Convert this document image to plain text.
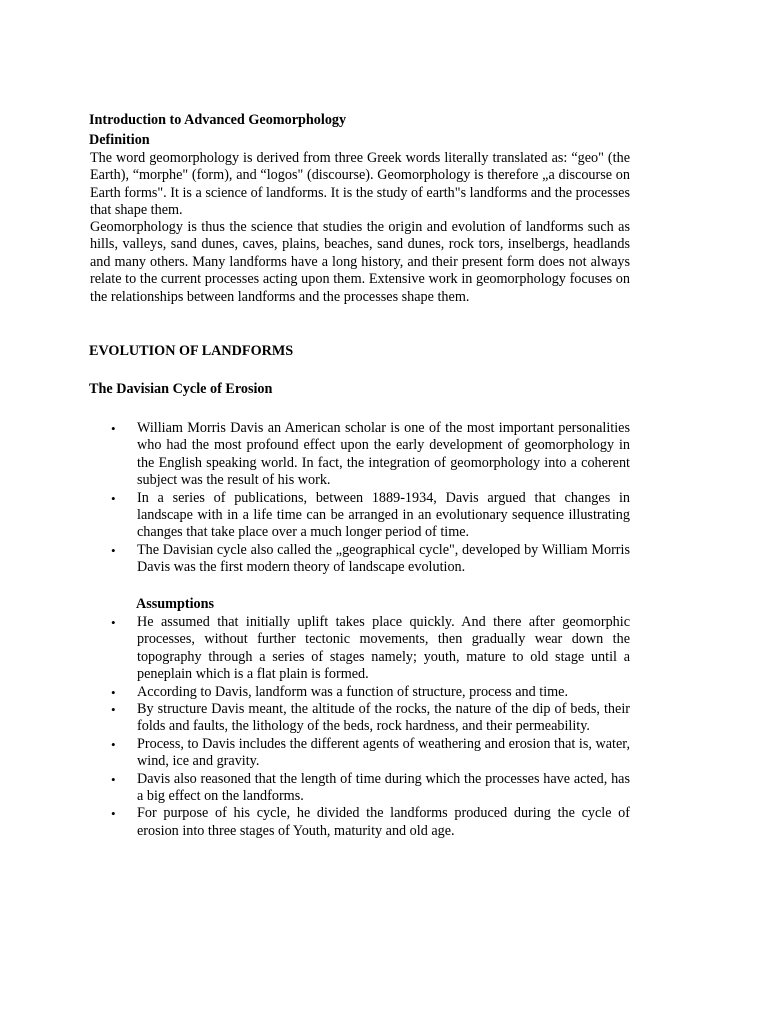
Introduction to Advanced Geomorphology
Definition

The word geomorphology is derived from three Greek words literally translated as: “geo" (the Earth), “morphe" (form), and “logos" (discourse). Geomorphology is therefore „a discourse on Earth forms". It is a science of landforms. It is the study of earth"s landforms and the processes that shape them.

Geomorphology is thus the science that studies the origin and evolution of landforms such as hills, valleys, sand dunes, caves, plains, beaches, sand dunes, rock tors, inselbergs, headlands and many others. Many landforms have a long history, and their present form does not always relate to the current processes acting upon them. Extensive work in geomorphology focuses on the relationships between landforms and the processes shape them.

EVOLUTION OF LANDFORMS
The Davisian Cycle of Erosion
• William Morris Davis an American scholar is one of the most important personalities who had the most profound effect upon the early development of geomorphology in the English speaking world. In fact, the integration of geomorphology into a coherent subject was the result of his work.
• In a series of publications, between 1889-1934, Davis argued that changes in landscape with in a life time can be arranged in an evolutionary sequence illustrating changes that take place over a much longer period of time.
• The Davisian cycle also called the „geographical cycle", developed by William Morris Davis was the first modern theory of landscape evolution.
Assumptions
• He assumed that initially uplift takes place quickly. And there after geomorphic processes, without further tectonic movements, then gradually wear down the topography through a series of stages namely; youth, mature to old stage until a peneplain which is a flat plain is formed.
• According to Davis, landform was a function of structure, process and time.
• By structure Davis meant, the altitude of the rocks, the nature of the dip of beds, their folds and faults, the lithology of the beds, rock hardness, and their permeability.
• Process, to Davis includes the different agents of weathering and erosion that is, water, wind, ice and gravity.
• Davis also reasoned that the length of time during which the processes have acted, has a big effect on the landforms.
• For purpose of his cycle, he divided the landforms produced during the cycle of erosion into three stages of Youth, maturity and old age.
